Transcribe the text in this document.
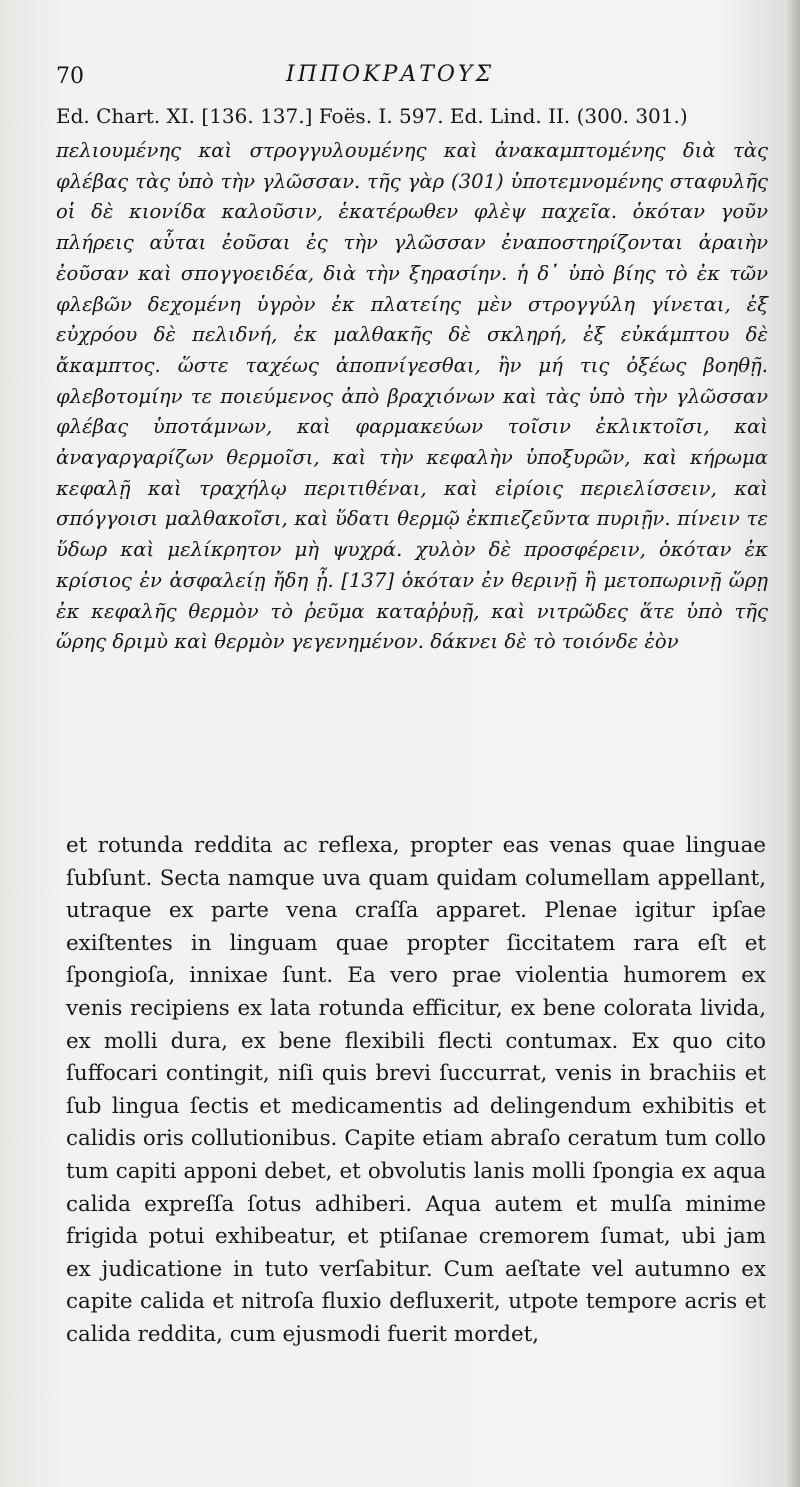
70	ΙΠΠΟΚΡΑΤΟΥΣ
Ed. Chart. XI. [136. 137.] Foës. I. 597. Ed. Lind. II. (300. 301.)
πελιουμένης καὶ στρογγυλουμένης καὶ ἀνακαμπτομένης διὰ τὰς φλέβας τὰς ὑπὸ τὴν γλῶσσαν. τῆς γὰρ (301) ὑποτεμνομένης σταφυλῆς οἱ δὲ κιονίδα καλοῦσιν, ἑκατέρωθεν φλὲψ παχεῖα. ὁκόταν γοῦν πλήρεις αὗται ἐοῦσαι ἐς τὴν γλῶσσαν ἐναποστηρίζονται ἀραιὴν ἐοῦσαν καὶ σπογγοειδέα, διὰ τὴν ξηρασίην. ἡ δ᾽ ὑπὸ βίης τὸ ἐκ τῶν φλεβῶν δεχομένη ὑγρὸν ἐκ πλατείης μὲν στρογγύλη γίνεται, ἐξ εὐχρόου δὲ πελιδνή, ἐκ μαλθακῆς δὲ σκληρή, ἐξ εὐκάμπτου δὲ ἄκαμπτος. ὥστε ταχέως ἀποπνίγεσθαι, ἢν μή τις ὀξέως βοηθῇ. φλεβοτομίην τε ποιεύμενος ἀπὸ βραχιόνων καὶ τὰς ὑπὸ τὴν γλῶσσαν φλέβας ὑποτάμνων, καὶ φαρμακεύων τοῖσιν ἐκλικτοῖσι, καὶ ἀναγαργαρίζων θερμοῖσι, καὶ τὴν κεφαλὴν ὑποξυρῶν, καὶ κήρωμα κεφαλῇ καὶ τραχήλῳ περιτιθέναι, καὶ εἰρίοις περιελίσσειν, καὶ σπόγγοισι μαλθακοῖσι, καὶ ὕδατι θερμῷ ἐκπιεζεῦντα πυριῇν. πίνειν τε ὕδωρ καὶ μελίκρητον μὴ ψυχρά. χυλὸν δὲ προσφέρειν, ὁκόταν ἐκ κρίσιος ἐν ἀσφαλείῃ ἤδη ᾖ. [137] ὁκόταν ἐν θερινῇ ἢ μετοπωρινῇ ὥρῃ ἐκ κεφαλῆς θερμὸν τὸ ῥεῦμα καταῤῥυῇ, καὶ νιτρῶδες ἅτε ὑπὸ τῆς ὥρης δριμὺ καὶ θερμὸν γεγενημένον. δάκνει δὲ τὸ τοιόνδε ἐὸν
et rotunda reddita ac reflexa, propter eas venas quae linguae ſubſunt. Secta namque uva quam quidam columellam appellant, utraque ex parte vena craſſa apparet. Plenae igitur ipſae exiſtentes in linguam quae propter ſiccitatem rara eſt et ſpongioſa, innixae ſunt. Ea vero prae violentia humorem ex venis recipiens ex lata rotunda efficitur, ex bene colorata livida, ex molli dura, ex bene flexibili flecti contumax. Ex quo cito ſuffocari contingit, niſi quis brevi ſuccurrat, venis in brachiis et ſub lingua ſectis et medicamentis ad delingendum exhibitis et calidis oris collutionibus. Capite etiam abraſo ceratum tum collo tum capiti apponi debet, et obvolutis lanis molli ſpongia ex aqua calida expreſſa ſotus adhiberi. Aqua autem et mulſa minime frigida potui exhibeatur, et ptiſanae cremorem ſumat, ubi jam ex judicatione in tuto verſabitur. Cum aeſtate vel autumno ex capite calida et nitroſa fluxio defluxerit, utpote tempore acris et calida reddita, cum ejusmodi fuerit mordet,
